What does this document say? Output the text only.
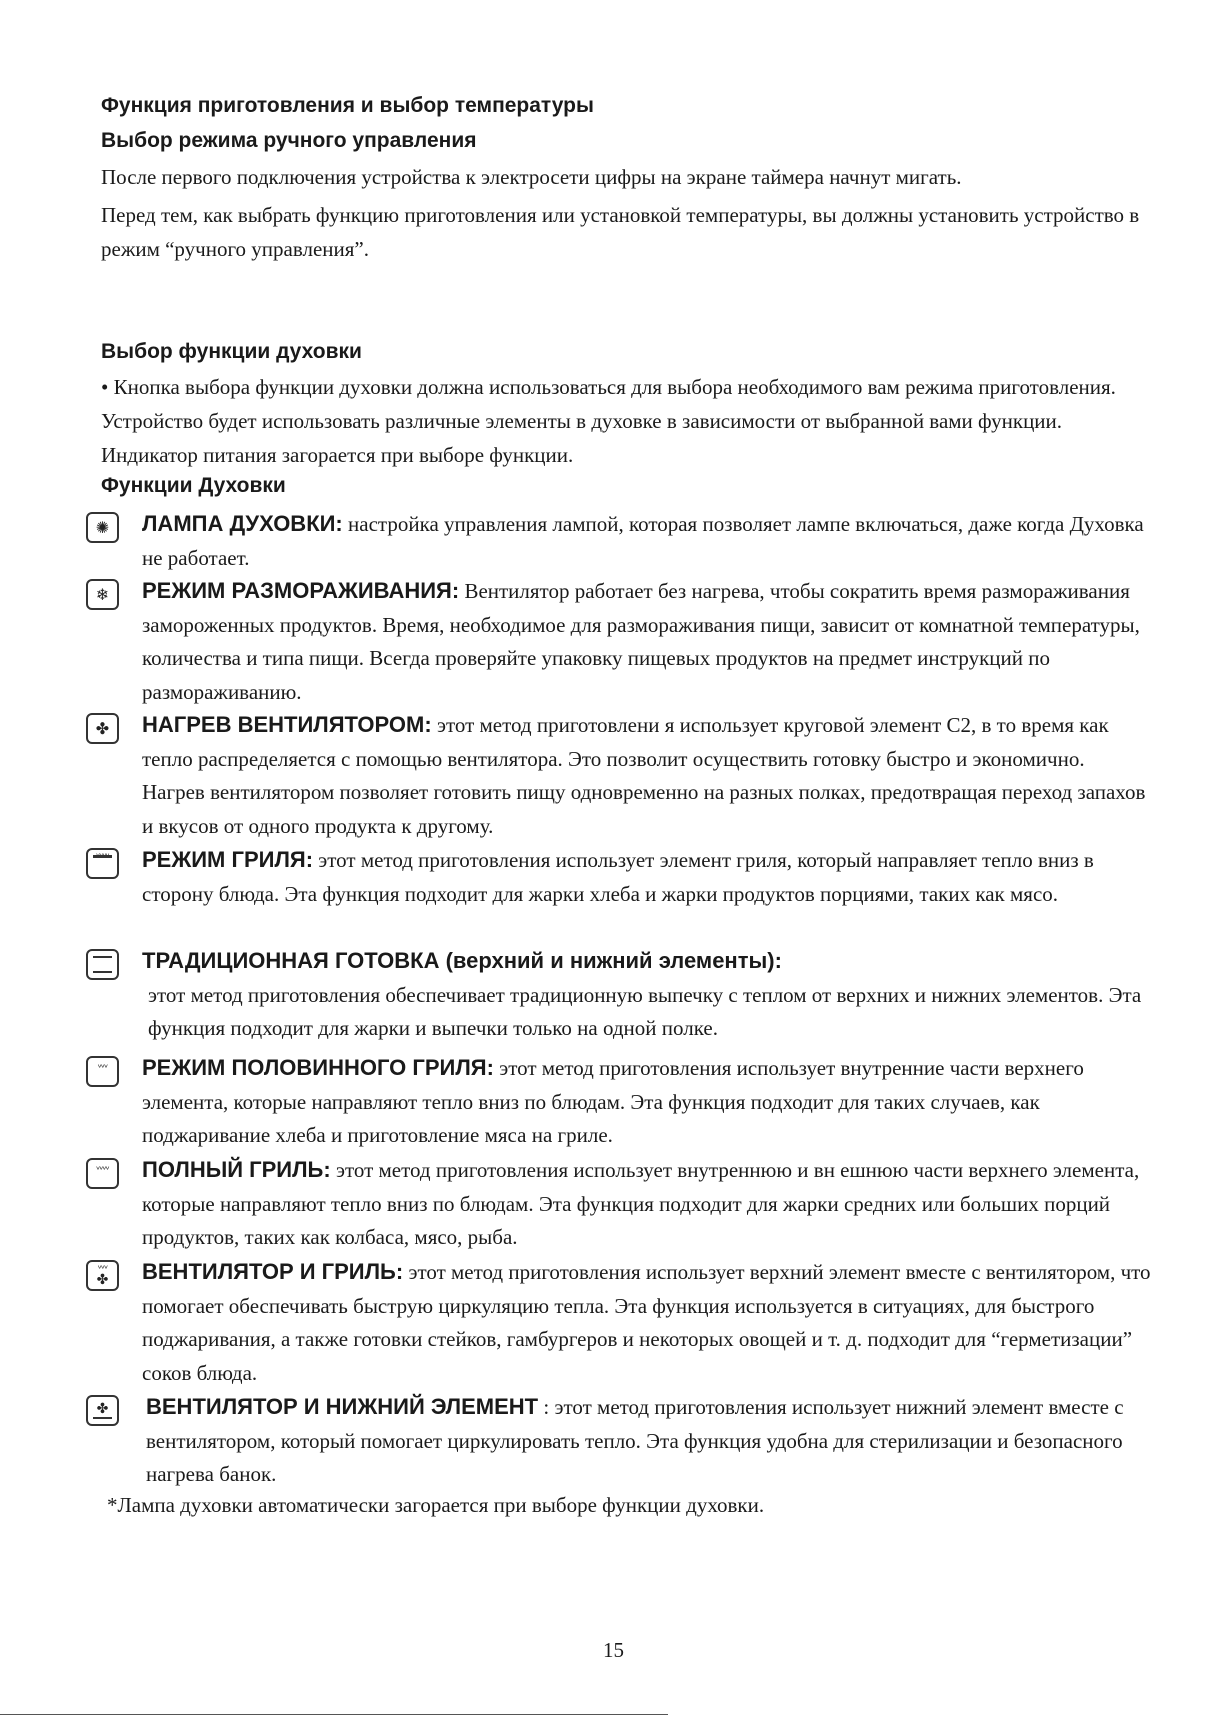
Функция приготовления и выбор температуры
Выбор режима ручного управления

После первого подключения устройства к электросети цифры на экране таймера начнут мигать.

Перед тем, как выбрать функцию приготовления или установкой температуры, вы должны установить устройство в режим “ручного управления”.

Выбор функции духовки

• Кнопка выбора функции духовки должна использоваться для выбора необходимого вам режима приготовления. Устройство будет использовать различные элементы в духовке в зависимости от выбранной вами функции. Индикатор питания загорается при выборе функции.

Функции Духовки
✺	ЛАМПА ДУХОВКИ: настройка управления лампой, которая позволяет лампе включаться, даже когда Духовка не работает.
❄	РЕЖИМ РАЗМОРАЖИВАНИЯ: Вентилятор работает без нагрева, чтобы сократить время размораживания замороженных продуктов. Время, необходимое для размораживания пищи, зависит от комнатной температуры, количества и типа пищи. Всегда проверяйте упаковку пищевых продуктов на предмет инструкций по размораживанию.
✤	НАГРЕВ ВЕНТИЛЯТОРОМ: этот метод приготовлени я использует круговой элемент С2, в то время как тепло распределяется с помощью вентилятора. Это позволит осуществить готовку быстро и экономично. Нагрев вентилятором позволяет готовить пищу одновременно на разных полках, предотвращая переход запахов и вкусов от одного продукта к другому.
РЕЖИМ ГРИЛЯ: этот метод приготовления использует элемент гриля, который направляет тепло вниз в сторону блюда. Эта функция подходит для жарки хлеба и жарки продуктов порциями, таких как мясо.
ТРАДИЦИОННАЯ ГОТОВКА (верхний и нижний элементы):
этот метод приготовления обеспечивает традиционную выпечку с теплом от верхних и нижних элементов. Эта функция подходит для жарки и выпечки только на одной полке.
ᵛᵛᵛ	РЕЖИМ ПОЛОВИННОГО ГРИЛЯ: этот метод приготовления использует внутренние части верхнего элемента, которые направляют тепло вниз по блюдам. Эта функция подходит для таких случаев, как поджаривание хлеба и приготовление мяса на гриле.
ᵛᵛᵛᵛ ПОЛНЫЙ ГРИЛЬ: этот метод приготовления использует внутреннюю и вн ешнюю части верхнего элемента, которые направляют тепло вниз по блюдам. Эта функция подходит для жарки средних или больших порций продуктов, таких как колбаса, мясо, рыба.
ᵛᵛᵛ
✤	ВЕНТИЛЯТОР И ГРИЛЬ: этот метод приготовления использует верхний элемент вместе с вентилятором, что помогает обеспечивать быструю циркуляцию тепла. Эта функция используется в ситуациях, для быстрого поджаривания, а также готовки стейков, гамбургеров и некоторых овощей и т. д. подходит для “герметизации” соков блюда.
✤	ВЕНТИЛЯТОР И НИЖНИЙ ЭЛЕМЕНТ : этот метод приготовления использует нижний элемент вместе с вентилятором, который помогает циркулировать тепло. Эта функция удобна для стерилизации и безопасного нагрева банок.
*Лампа духовки автоматически загорается при выборе функции духовки.
15
